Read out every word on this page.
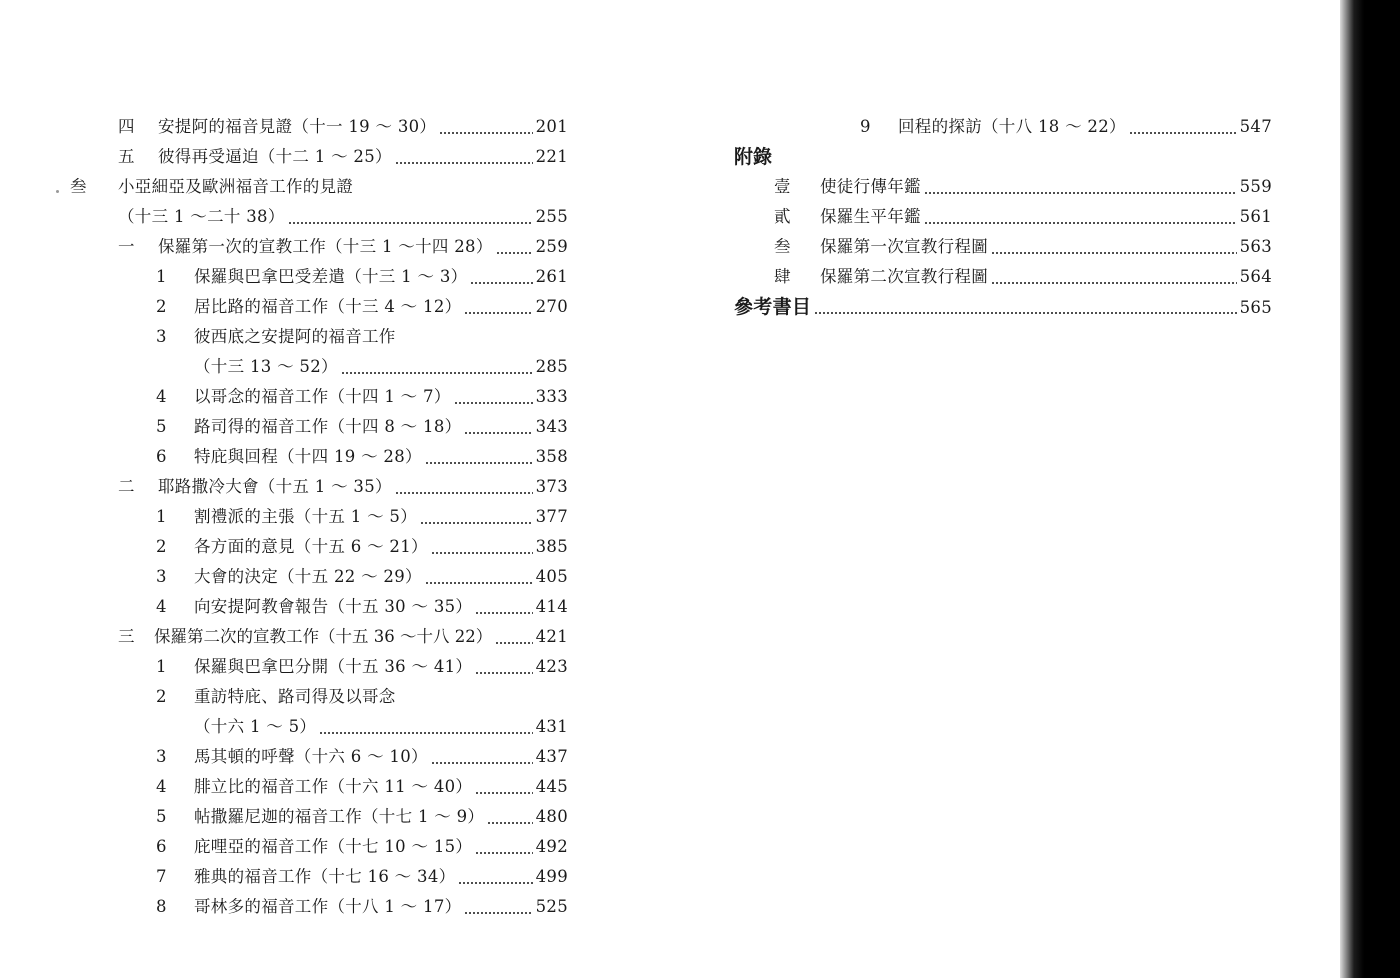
四	安提阿的福音見證（十一 19 ～ 30）	201
五	彼得再受逼迫（十二 1 ～ 25）	221
叁	小亞細亞及歐洲福音工作的見證
（十三 1 ～二十 38）	255
一	保羅第一次的宣教工作（十三 1 ～十四 28）	259
1	保羅與巴拿巴受差遣（十三 1 ～ 3）	261
2	居比路的福音工作（十三 4 ～ 12）	270
3	彼西底之安提阿的福音工作
（十三 13 ～ 52）	285
4	以哥念的福音工作（十四 1 ～ 7）	333
5	路司得的福音工作（十四 8 ～ 18）	343
6	特庇與回程（十四 19 ～ 28）	358
二	耶路撒冷大會（十五 1 ～ 35）	373
1	割禮派的主張（十五 1 ～ 5）	377
2	各方面的意見（十五 6 ～ 21）	385
3	大會的決定（十五 22 ～ 29）	405
4	向安提阿教會報告（十五 30 ～ 35）	414
三	保羅第二次的宣教工作（十五 36 ～十八 22）	421
1	保羅與巴拿巴分開（十五 36 ～ 41）	423
2	重訪特庇、路司得及以哥念
（十六 1 ～ 5）	431
3	馬其頓的呼聲（十六 6 ～ 10）	437
4	腓立比的福音工作（十六 11 ～ 40）	445
5	帖撒羅尼迦的福音工作（十七 1 ～ 9）	480
6	庇哩亞的福音工作（十七 10 ～ 15）	492
7	雅典的福音工作（十七 16 ～ 34）	499
8	哥林多的福音工作（十八 1 ～ 17）	525
9	回程的探訪（十八 18 ～ 22）	547
附錄
壹	使徒行傳年鑑	559
貳	保羅生平年鑑	561
叁	保羅第一次宣教行程圖	563
肆	保羅第二次宣教行程圖	564
參考書目	565
